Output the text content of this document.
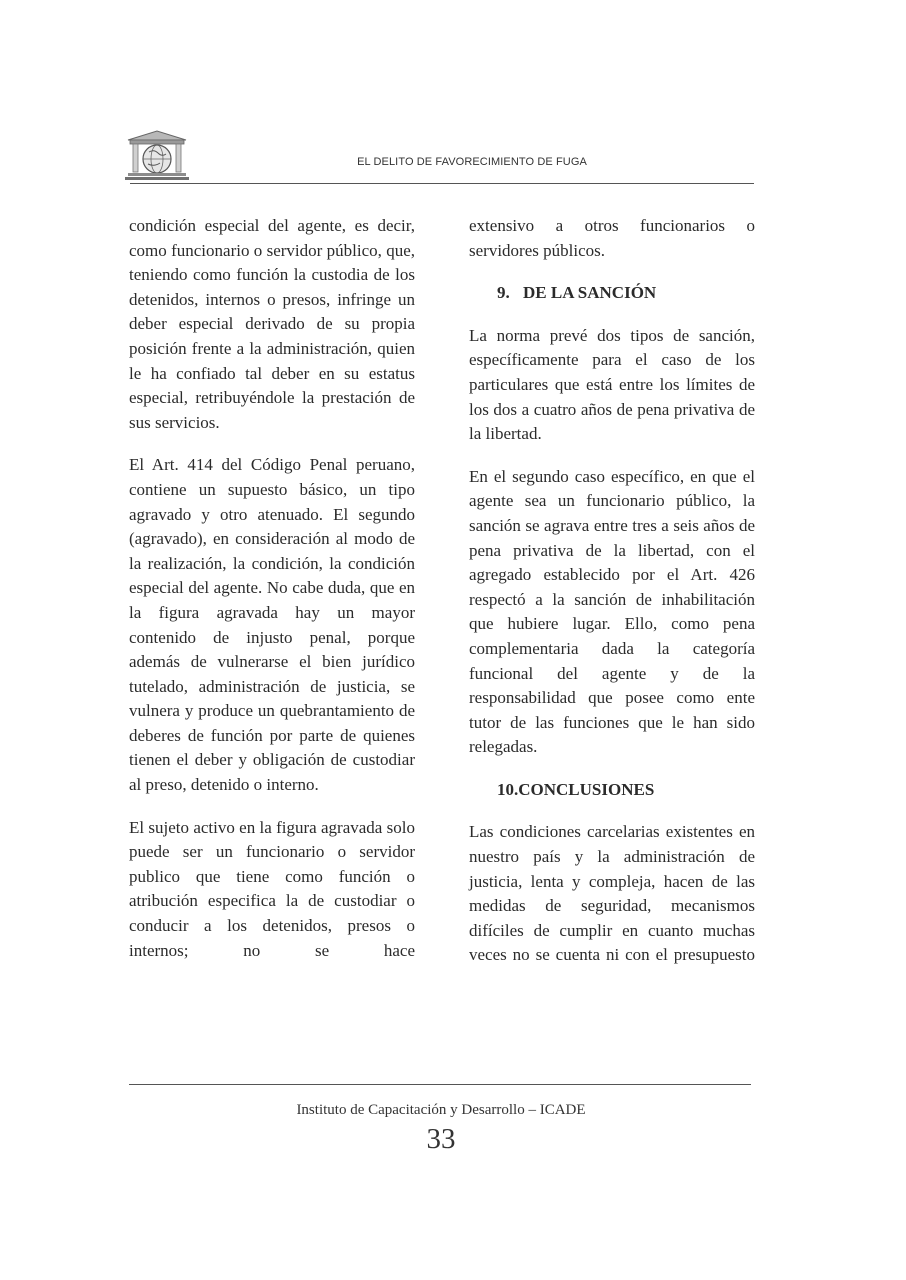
EL DELITO DE FAVORECIMIENTO DE FUGA

condición especial del agente, es decir, como funcionario o servidor público, que, teniendo como función la custodia de los detenidos, internos o presos, infringe un deber especial derivado de su propia posición frente a la administración, quien le ha confiado tal deber en su estatus especial, retribuyéndole la prestación de sus servicios.

El Art. 414 del Código Penal peruano, contiene un supuesto básico, un tipo agravado y otro atenuado. El segundo (agravado), en consideración al modo de la realización, la condición, la condición especial del agente. No cabe duda, que en la figura agravada hay un mayor contenido de injusto penal, porque además de vulnerarse el bien jurídico tutelado, administración de justicia, se vulnera y produce un quebrantamiento de deberes de función por parte de quienes tienen el deber y obligación de custodiar al preso, detenido o interno.

El sujeto activo en la figura agravada solo puede ser un funcionario o servidor publico que tiene como función o atribución especifica la de custodiar o conducir a los detenidos, presos o internos; no se hace

extensivo a otros funcionarios o servidores públicos.

9. DE LA SANCIÓN

La norma prevé dos tipos de sanción, específicamente para el caso de los particulares que está entre los límites de los dos a cuatro años de pena privativa de la libertad.

En el segundo caso específico, en que el agente sea un funcionario público, la sanción se agrava entre tres a seis años de pena privativa de la libertad, con el agregado establecido por el Art. 426 respectó a la sanción de inhabilitación que hubiere lugar. Ello, como pena complementaria dada la categoría funcional del agente y de la responsabilidad que posee como ente tutor de las funciones que le han sido relegadas.

10. CONCLUSIONES

Las condiciones carcelarias existentes en nuestro país y la administración de justicia, lenta y compleja, hacen de las medidas de seguridad, mecanismos difíciles de cumplir en cuanto muchas veces no se cuenta ni con el presupuesto

Instituto de Capacitación y Desarrollo – ICADE
33
